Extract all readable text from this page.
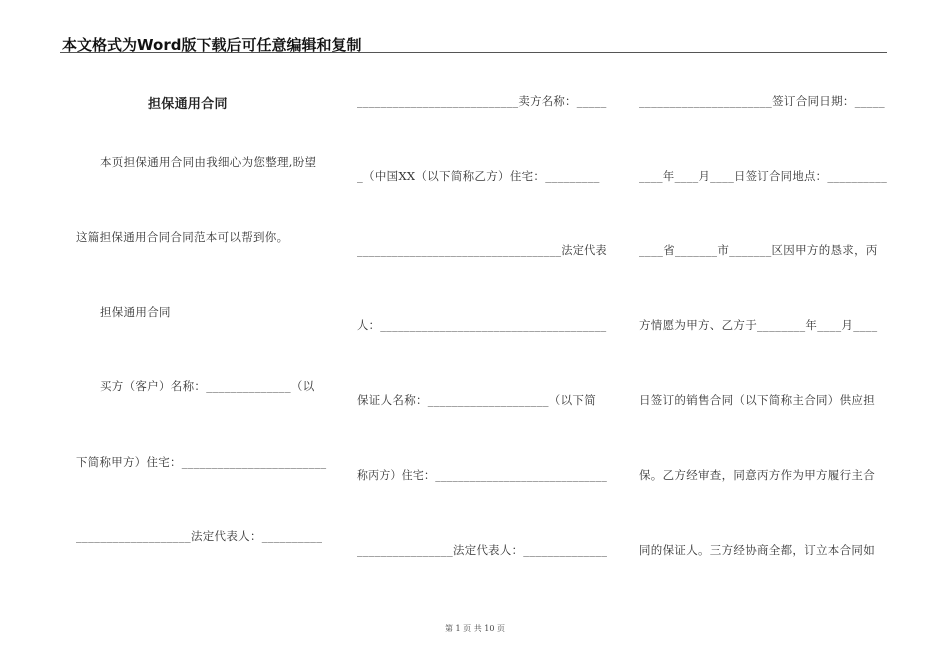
本文格式为Word版下载后可任意编辑和复制
担保通用合同
本页担保通用合同由我细心为您整理,盼望
这篇担保通用合同合同范本可以帮到你。
担保通用合同
买方（客户）名称：______________（以
下简称甲方）住宅：________________________
___________________法定代表人：__________
___________________________卖方名称：_____
_（中国XX（以下简称乙方）住宅：_________
___________________________________法定代表
人：______________________________________
保证人名称：____________________（以下简
称丙方）住宅：______________________________
________________法定代表人：______________
______________________签订合同日期：_____
____年____月____日签订合同地点：__________
____省_______市_______区因甲方的恳求，丙
方情愿为甲方、乙方于________年____月____
日签订的销售合同（以下简称主合同）供应担
保。乙方经审查，同意丙方作为甲方履行主合
同的保证人。三方经协商全都，订立本合同如
第 1 页 共 10 页
